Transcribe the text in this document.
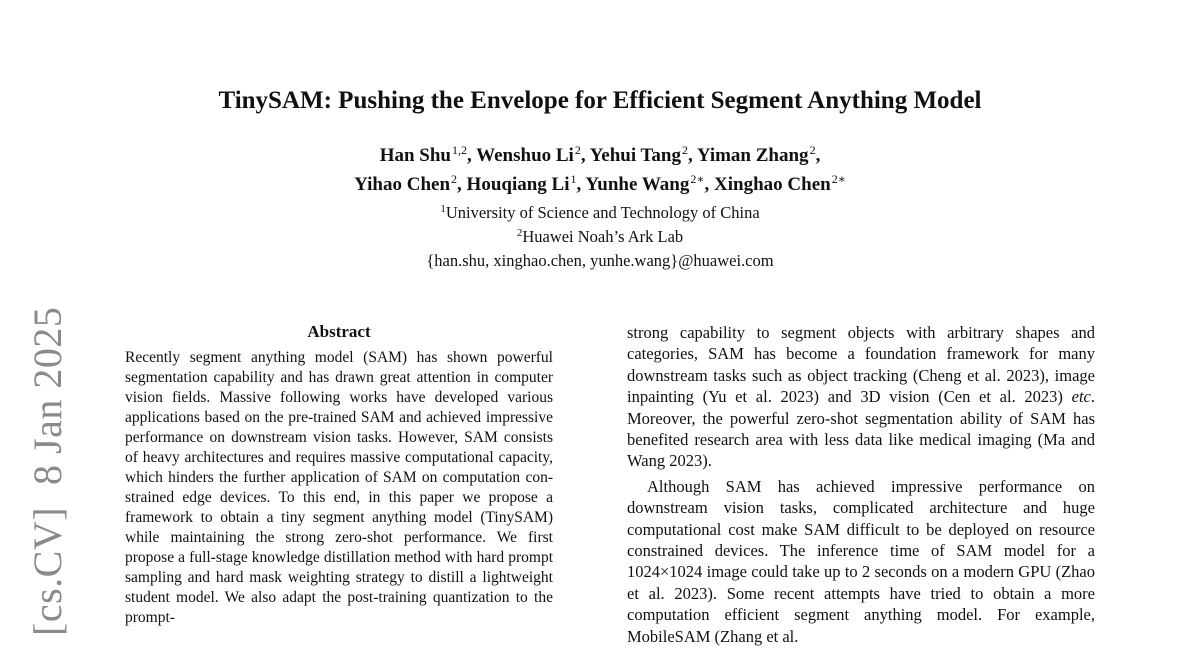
[cs.CV]8 Jan 2025
TinySAM: Pushing the Envelope for Efficient Segment Anything Model
Han Shu$^{1,2}$, Wenshuo Li$^2$, Yehui Tang$^2$, Yiman Zhang$^2$,
Yihao Chen$^2$, Houqiang Li$^1$, Yunhe Wang$^{2∗}$, Xinghao Chen$^{2∗}$
$^1$University of Science and Technology of China
$^2$Huawei Noah’s Ark Lab
{han.shu, xinghao.chen, yunhe.wang}@huawei.com
Abstract

Recently segment anything model (SAM) has shown powerful segmentation capability and has drawn great attention in computer vision fields. Massive following works have developed various applications based on the pre-trained SAM and achieved impressive performance on downstream vision tasks. However, SAM consists of heavy architectures and requires massive computational capacity, which hinders the further application of SAM on computation constrained edge devices. To this end, in this paper we propose a framework to obtain a tiny segment anything model (TinySAM) while maintaining the strong zero-shot performance. We first propose a full-stage knowledge distillation method with hard prompt sampling and hard mask weighting strategy to distill a lightweight student model. We also adapt the post-training quantization to the prompt-

strong capability to segment objects with arbitrary shapes and categories, SAM has become a foundation framework for many downstream tasks such as object tracking (Cheng et al. 2023), image inpainting (Yu et al. 2023) and 3D vision (Cen et al. 2023) etc. Moreover, the powerful zero-shot segmentation ability of SAM has benefited research area with less data like medical imaging (Ma and Wang 2023).

Although SAM has achieved impressive performance on downstream vision tasks, complicated architecture and huge computational cost make SAM difficult to be deployed on resource constrained devices. The inference time of SAM model for a 1024×1024 image could take up to 2 seconds on a modern GPU (Zhao et al. 2023). Some recent attempts have tried to obtain a more computation efficient segment anything model. For example, MobileSAM (Zhang et al.
